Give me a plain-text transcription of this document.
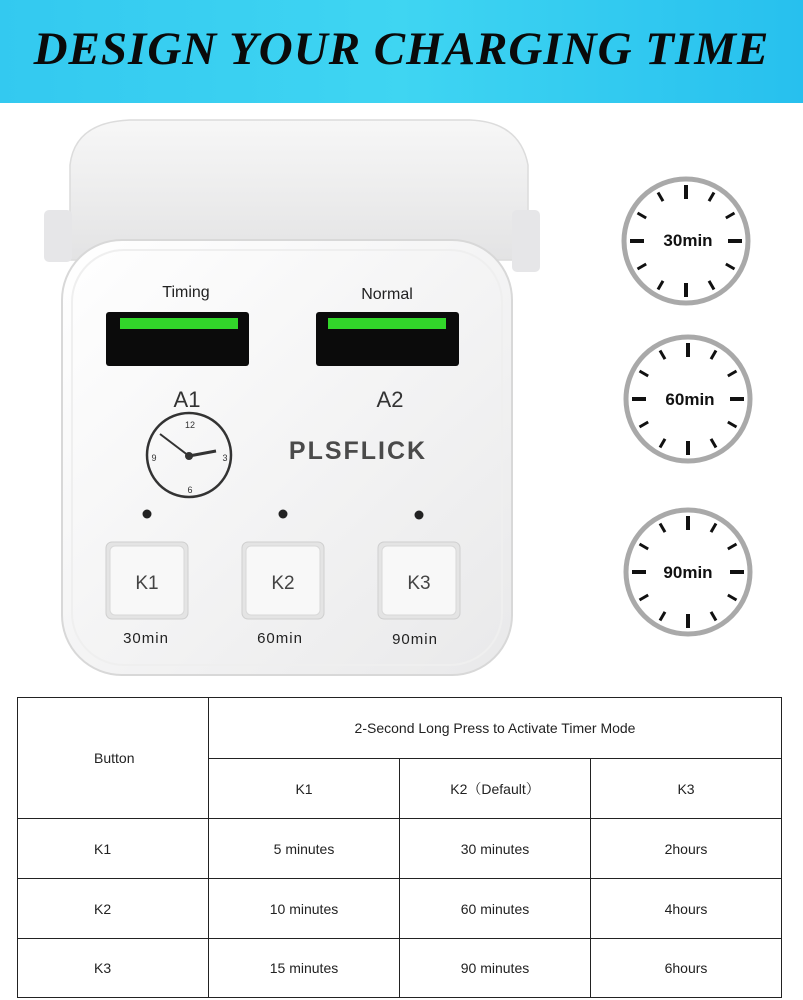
DESIGN YOUR CHARGING TIME
Timing	Normal
A1	A2
12
3
6
9	PLSFLICK
K1	K2	K3
30min	60min	90min
30min
60min
90min
Button	2-Second Long Press to Activate Timer Mode		
	K1	K2（Default）	K3
K1	5 minutes	30 minutes	2hours
K2	10 minutes	60 minutes	4hours
K3	15 minutes	90 minutes	6hours
